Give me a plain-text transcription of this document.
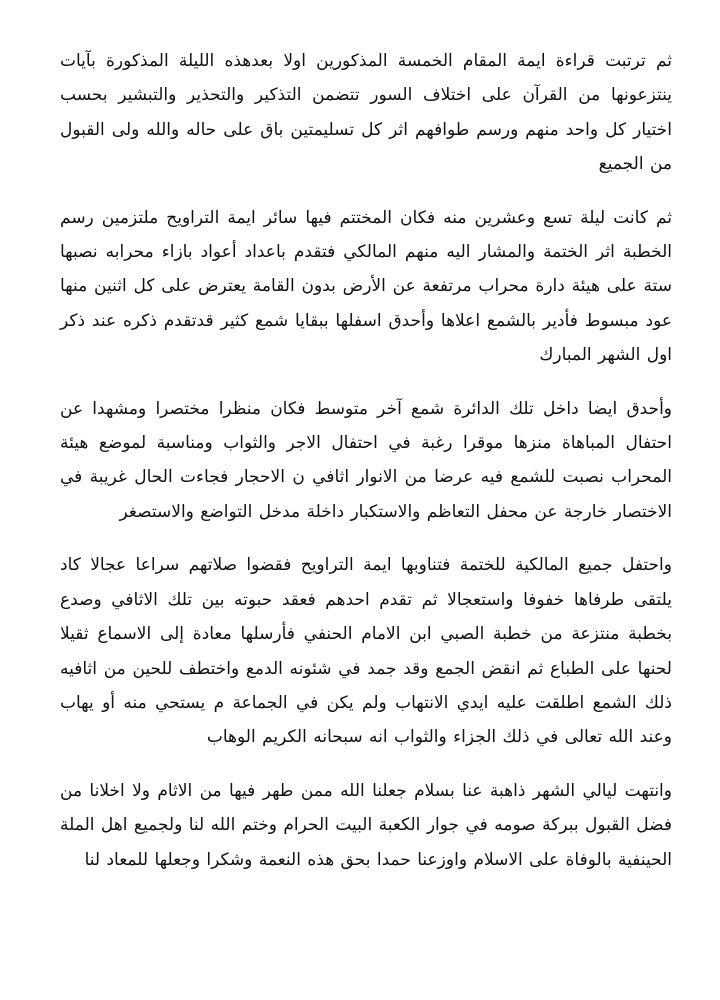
ثم ترتبت قراءة ايمة المقام الخمسة المذكورين اولا بعدهذه الليلة المذكورة بآيات ينتزعونها من القرآن على اختلاف السور تتضمن التذكير والتحذير والتبشير بحسب اختيار كل واحد منهم ورسم طوافهم اثر كل تسليمتين باق على حاله والله ولى القبول من الجميع

ثم كانت ليلة تسع وعشرين منه فكان المختتم فيها سائر ايمة التراويح ملتزمين رسم الخطبة اثر الختمة والمشار اليه منهم المالكي فتقدم باعداد أعواد بازاء محرابه نصبها ستة على هيئة دارة محراب مرتفعة عن الأرض بدون القامة يعترض على كل اثنين منها عود مبسوط فأدير بالشمع اعلاها وأحدق اسفلها ببقايا شمع كثير قدتقدم ذكره عند ذكر اول الشهر المبارك

وأحدق ايضا داخل تلك الدائرة شمع آخر متوسط فكان منظرا مختصرا ومشهدا عن احتفال المباهاة منزها موقرا رغبة في احتفال الاجر والثواب ومناسبة لموضع هيئة المحراب نصبت للشمع فيه عرضا من الانوار اثافي ن الاحجار فجاءت الحال غريبة في الاختصار خارجة عن محفل التعاظم والاستكبار داخلة مدخل التواضع والاستصغر

واحتفل جميع المالكية للختمة فتناوبها ايمة التراويح فقضوا صلاتهم سراعا عجالا كاد يلتقى طرفاها خفوفا واستعجالا ثم تقدم احدهم فعقد حبوته بين تلك الاثافي وصدع بخطبة منتزعة من خطبة الصبي ابن الامام الحنفي فأرسلها معادة إلى الاسماع ثقيلا لحنها على الطباع ثم انقض الجمع وقد جمد في شئونه الدمع واختطف للحين من اثافيه ذلك الشمع اطلقت عليه ايدي الانتهاب ولم يكن في الجماعة م يستحي منه أو يهاب وعند الله تعالى في ذلك الجزاء والثواب انه سبحانه الكريم الوهاب

وانتهت ليالي الشهر ذاهبة عنا بسلام جعلنا الله ممن طهر فيها من الاثام ولا اخلانا من فضل القبول ببركة صومه في جوار الكعبة البيت الحرام وختم الله لنا ولجميع اهل الملة الحينفية بالوفاة على الاسلام واوزعنا حمدا بحق هذه النعمة وشكرا وجعلها للمعاد لنا
